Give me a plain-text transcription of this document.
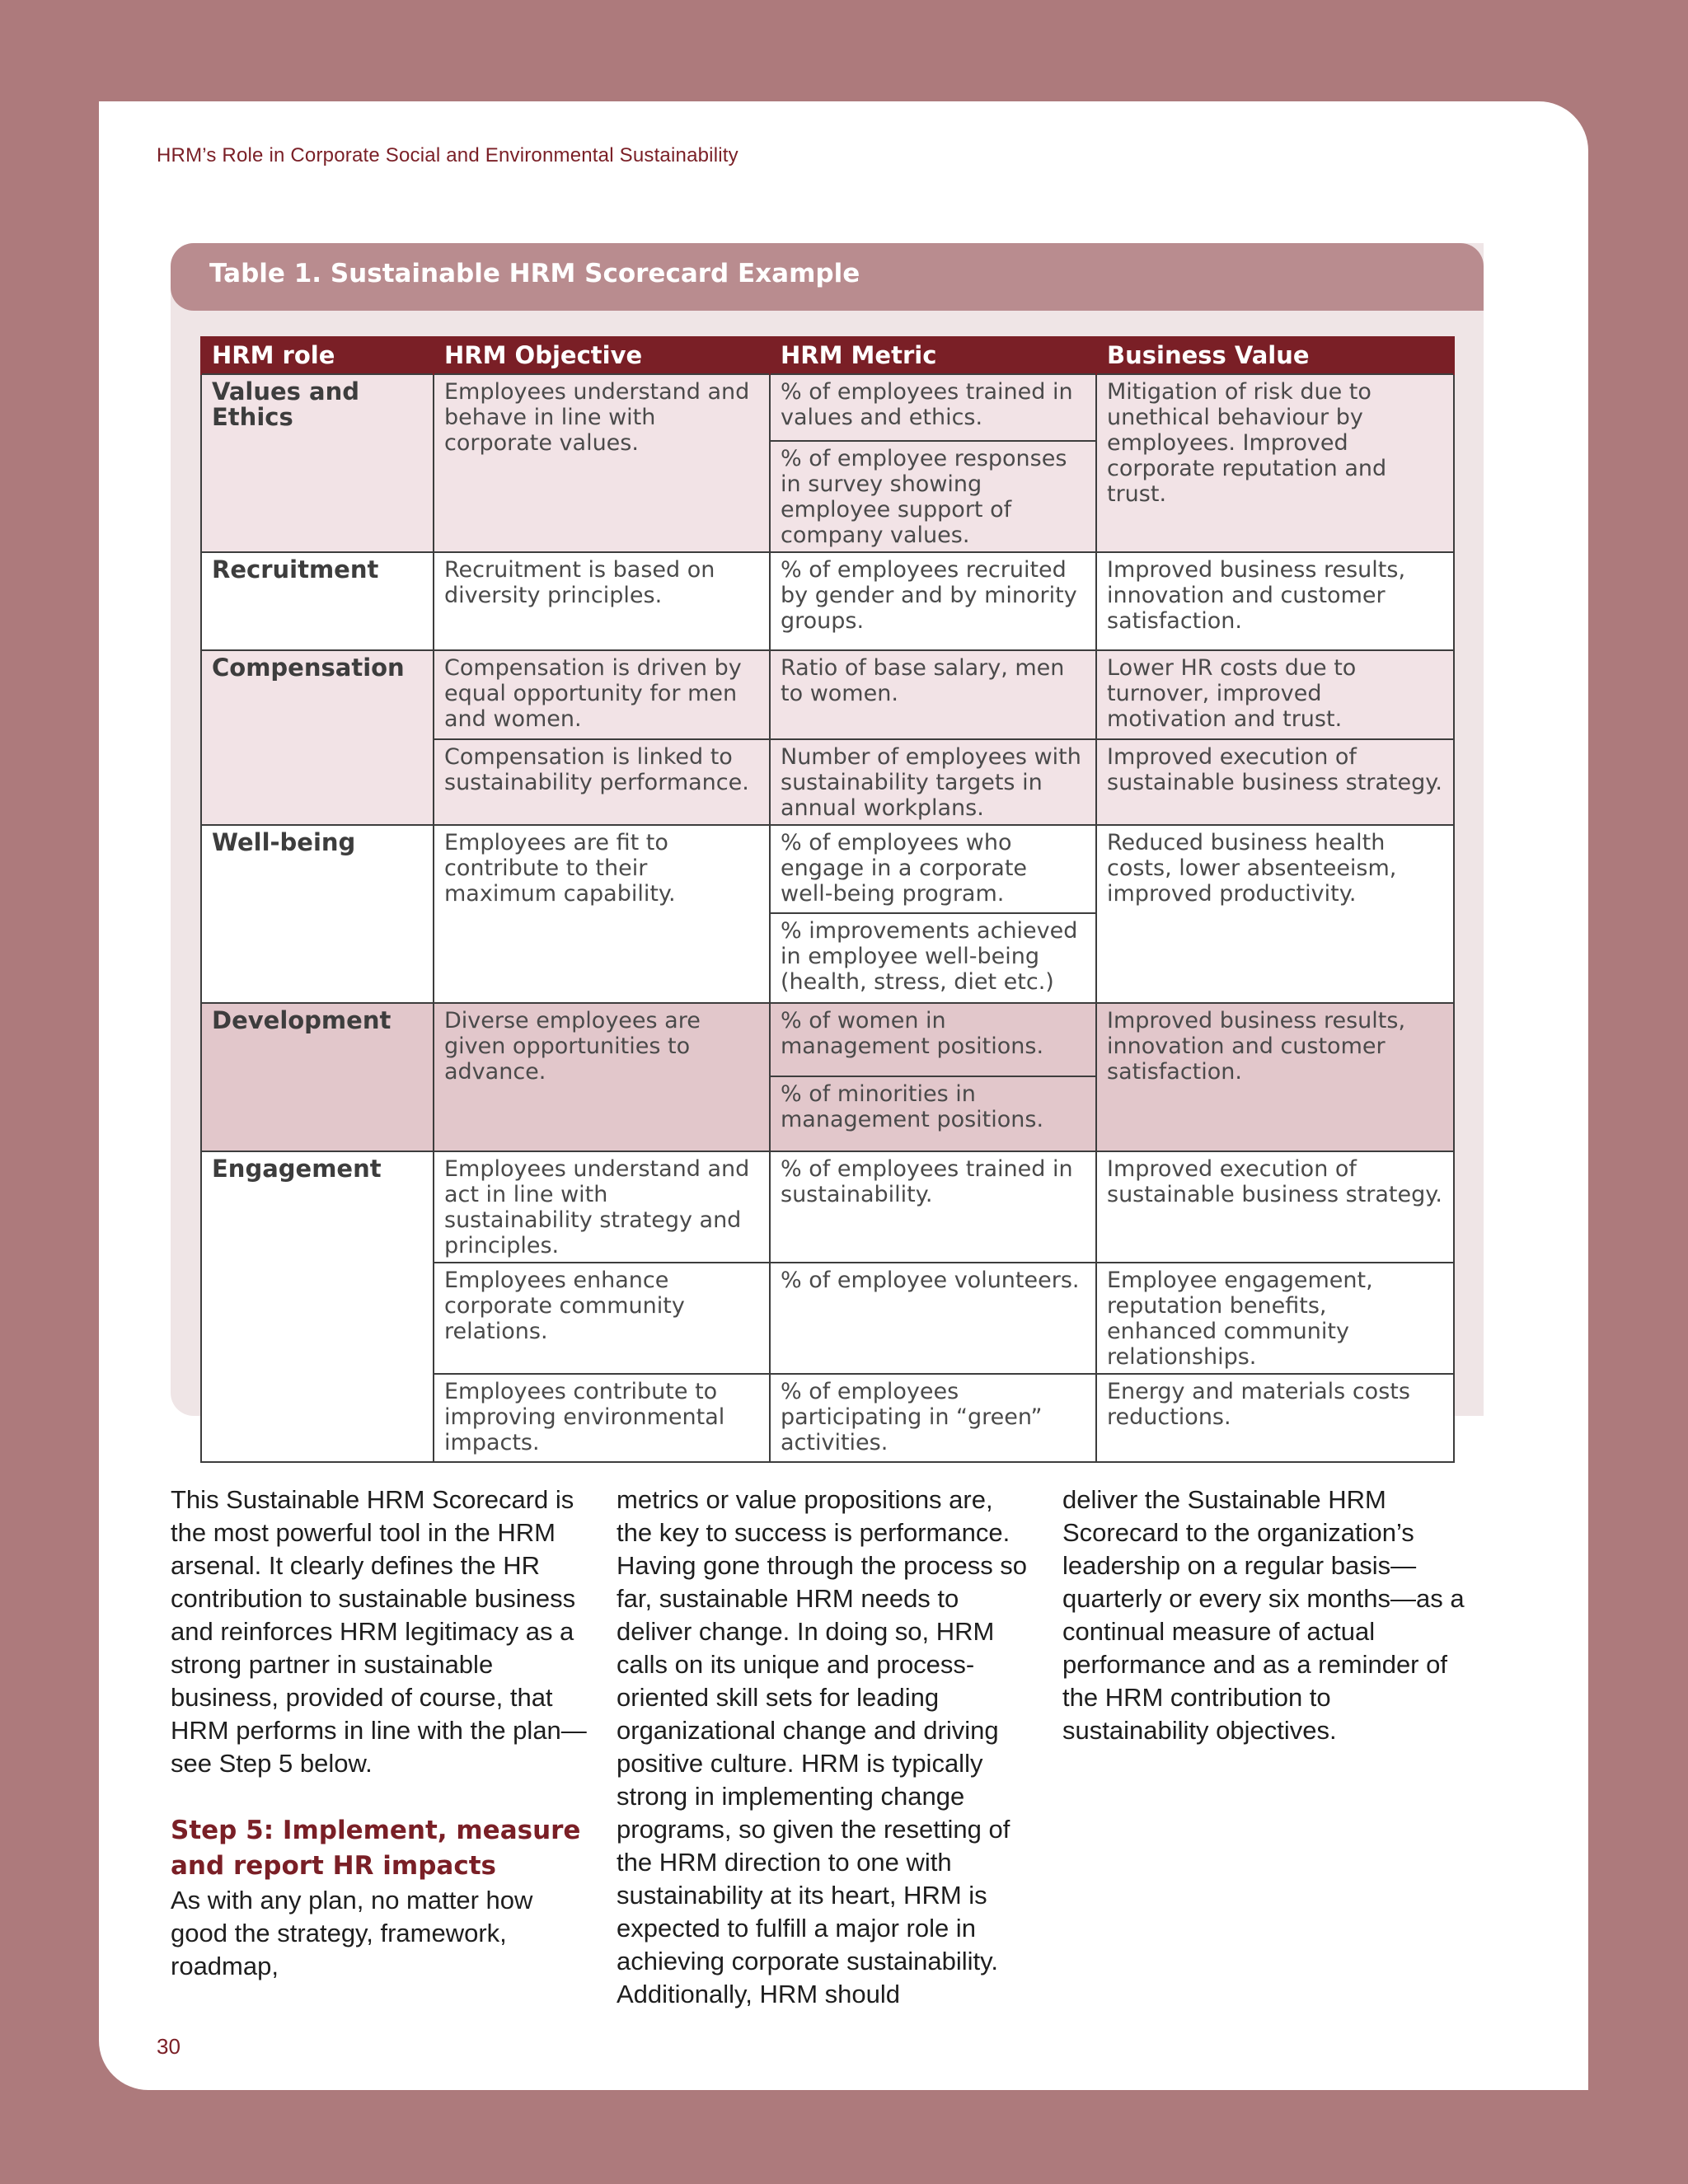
HRM’s Role in Corporate Social and Environmental Sustainability
Table 1. Sustainable HRM Scorecard Example
HRM role	HRM Objective	HRM Metric	Business Value
Values and Ethics	Employees understand and behave in line with corporate values.	% of employees trained in values and ethics.	Mitigation of risk due to unethical behaviour by employees. Improved corporate reputation and trust.
		% of employee responses in survey showing employee support of company values.	
Recruitment	Recruitment is based on diversity principles.	% of employees recruited by gender and by minority groups.	Improved business results, innovation and customer satisfaction.
Compensation	Compensation is driven by equal opportunity for men and women.	Ratio of base salary, men to women.	Lower HR costs due to turnover, improved motivation and trust.
	Compensation is linked to sustainability performance.	Number of employees with sustainability targets in annual workplans.	Improved execution of sustainable business strategy.
Well-being	Employees are fit to contribute to their maximum capability.	% of employees who engage in a corporate well-being program.	Reduced business health costs, lower absenteeism, improved productivity.
		% improvements achieved in employee well-being (health, stress, diet etc.)	
Development	Diverse employees are given opportunities to advance.	% of women in management positions.	Improved business results, innovation and customer satisfaction.
		% of minorities in management positions.	
Engagement	Employees understand and act in line with sustainability strategy and principles.	% of employees trained in sustainability.	Improved execution of sustainable business strategy.
	Employees enhance corporate community relations.	% of employee volunteers.	Employee engagement, reputation benefits, enhanced community relationships.
	Employees contribute to improving environmental impacts.	% of employees participating in “green” activities.	Energy and materials costs reductions.

This Sustainable HRM Scorecard is the most powerful tool in the HRM arsenal. It clearly defines the HR contribution to sustainable business and reinforces HRM legitimacy as a strong partner in sustainable business, provided of course, that HRM performs in line with the plan—see Step 5 below.

Step 5: Implement, measure and report HR impacts

As with any plan, no matter how good the strategy, framework, roadmap,

metrics or value propositions are, the key to success is performance. Having gone through the process so far, sustainable HRM needs to deliver change. In doing so, HRM calls on its unique and process-oriented skill sets for leading organizational change and driving positive culture. HRM is typically strong in implementing change programs, so given the resetting of the HRM direction to one with sustainability at its heart, HRM is expected to fulfill a major role in achieving corporate sustainability. Additionally, HRM should

deliver the Sustainable HRM Scorecard to the organization’s leadership on a regular basis—quarterly or every six months—as a continual measure of actual performance and as a reminder of the HRM contribution to sustainability objectives.

30
